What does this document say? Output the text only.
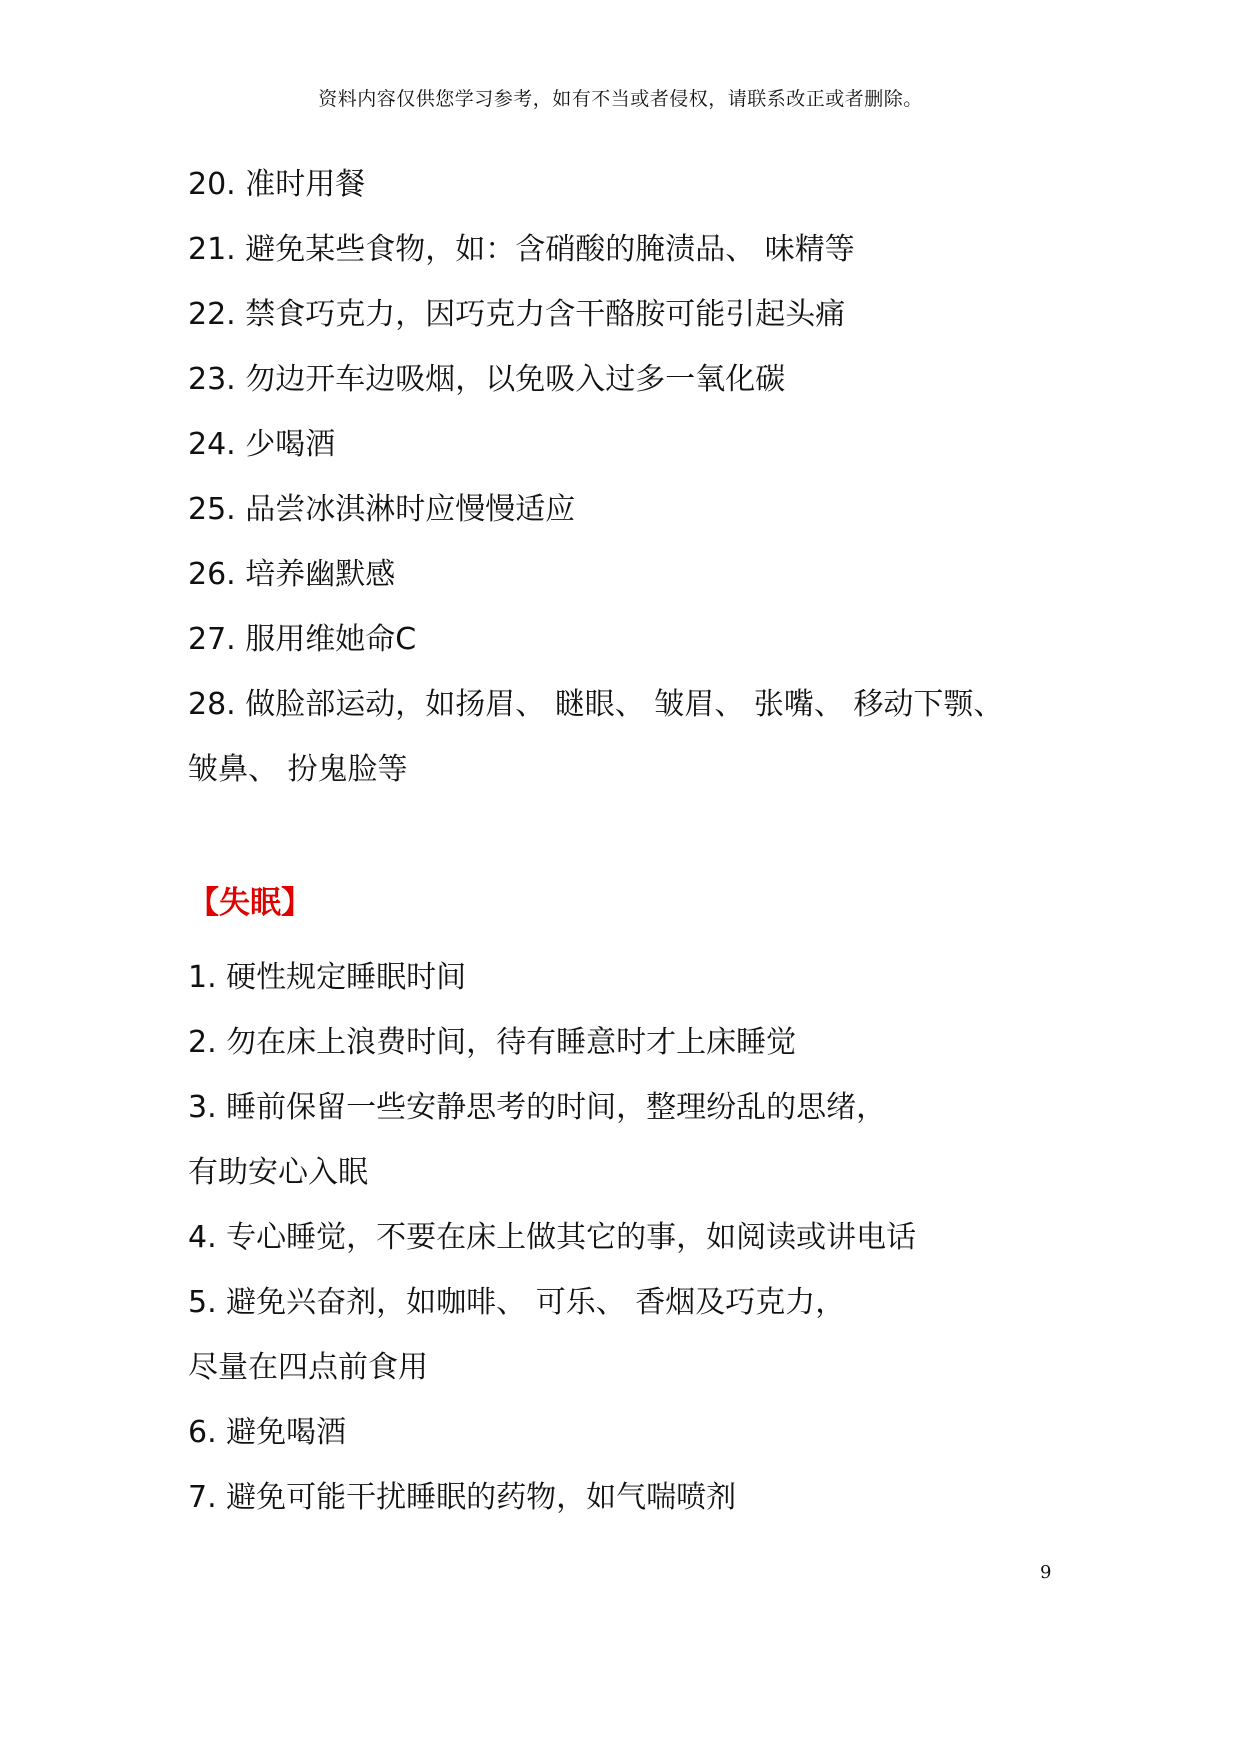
资料内容仅供您学习参考，如有不当或者侵权，请联系改正或者删除。
20. 准时用餐
21. 避免某些食物，如：含硝酸的腌渍品、 味精等
22. 禁食巧克力，因巧克力含干酪胺可能引起头痛
23. 勿边开车边吸烟，以免吸入过多一氧化碳
24. 少喝酒
25. 品尝冰淇淋时应慢慢适应
26. 培养幽默感
27. 服用维她命C
28. 做脸部运动，如扬眉、 瞇眼、 皱眉、 张嘴、 移动下颚、
皱鼻、 扮鬼脸等
【失眠】
1. 硬性规定睡眠时间
2. 勿在床上浪费时间，待有睡意时才上床睡觉
3. 睡前保留一些安静思考的时间，整理纷乱的思绪，
有助安心入眠
4. 专心睡觉，不要在床上做其它的事，如阅读或讲电话
5. 避免兴奋剂，如咖啡、 可乐、 香烟及巧克力，
尽量在四点前食用
6. 避免喝酒
7. 避免可能干扰睡眠的药物，如气喘喷剂
9
